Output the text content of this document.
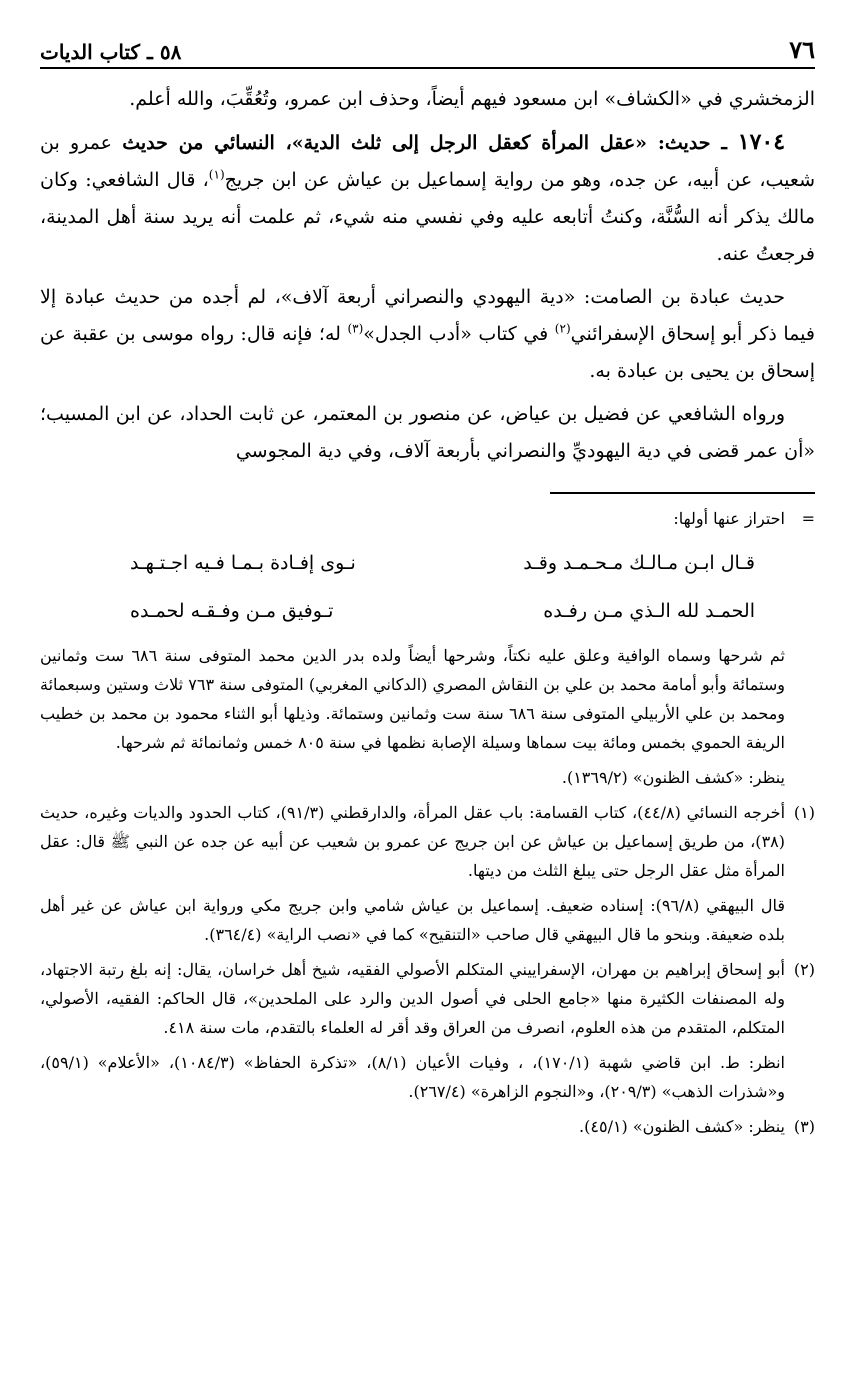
٧٦
٥٨ ـ كتاب الديات

الزمخشري في «الكشاف» ابن مسعود فيهم أيضاً، وحذف ابن عمرو، وتُعُقِّبَ، والله أعلم.

١٧٠٤ ـ حديث: «عقل المرأة كعقل الرجل إلى ثلث الدية»، النسائي من حديث عمرو بن شعيب، عن أبيه، عن جده، وهو من رواية إسماعيل بن عياش عن ابن جريج$^{(١)}$، قال الشافعي: وكان مالك يذكر أنه السُّنَّة، وكنتُ أتابعه عليه وفي نفسي منه شيء، ثم علمت أنه يريد سنة أهل المدينة، فرجعتُ عنه.

حديث عبادة بن الصامت: «دية اليهودي والنصراني أربعة آلاف»، لم أجده من حديث عبادة إلا فيما ذكر أبو إسحاق الإسفرائني$^{(٢)}$ في كتاب «أدب الجدل»$^{(٣)}$ له؛ فإنه قال: رواه موسى بن عقبة عن إسحاق بن يحيى بن عبادة به.

ورواه الشافعي عن فضيل بن عياض، عن منصور بن المعتمر، عن ثابت الحداد، عن ابن المسيب؛ «أن عمر قضى في دية اليهوديِّ والنصراني بأربعة آلاف، وفي دية المجوسي

=
احتراز عنها أولها:
قـال ابـن مـالـك مـحـمـد وقـد
نـوى إفـادة بـمـا فـيه اجـتـهـد
الحمـد لله الـذي مـن رفـده
تـوفيق مـن وفـقـه لحمـده

ثم شرحها وسماه الوافية وعلق عليه نكتاً، وشرحها أيضاً ولده بدر الدين محمد المتوفى سنة ٦٨٦ ست وثمانين وستمائة وأبو أمامة محمد بن علي بن النقاش المصري (الدكاني المغربي) المتوفى سنة ٧٦٣ ثلاث وستين وسبعمائة ومحمد بن علي الأربيلي المتوفى سنة ٦٨٦ سنة ست وثمانين وستمائة. وذيلها أبو الثناء محمود بن محمد بن خطيب الريفة الحموي بخمس ومائة بيت سماها وسيلة الإصابة نظمها في سنة ٨٠٥ خمس وثمانمائة ثم شرحها.

ينظر: «كشف الظنون» (١٣٦٩/٢).

(١)
أخرجه النسائي (٤٤/٨)، كتاب القسامة: باب عقل المرأة، والدارقطني (٩١/٣)، كتاب الحدود والديات وغيره، حديث (٣٨)، من طريق إسماعيل بن عياش عن ابن جريج عن عمرو بن شعيب عن أبيه عن جده عن النبي ﷺ قال: عقل المرأة مثل عقل الرجل حتى يبلغ الثلث من ديتها.

قال البيهقي (٩٦/٨): إسناده ضعيف. إسماعيل بن عياش شامي وابن جريج مكي ورواية ابن عياش عن غير أهل بلده ضعيفة. وبنحو ما قال البيهقي قال صاحب «التنقيح» كما في «نصب الراية» (٣٦٤/٤).

(٢)
أبو إسحاق إبراهيم بن مهران، الإسفراييني المتكلم الأصولي الفقيه، شيخ أهل خراسان، يقال: إنه بلغ رتبة الاجتهاد، وله المصنفات الكثيرة منها «جامع الحلى في أصول الدين والرد على الملحدين»، قال الحاكم: الفقيه، الأصولي، المتكلم، المتقدم من هذه العلوم، انصرف من العراق وقد أقر له العلماء بالتقدم، مات سنة ٤١٨.

انظر: ط. ابن قاضي شهبة (١٧٠/١)، ، وفيات الأعيان (٨/١)، «تذكرة الحفاظ» (١٠٨٤/٣)، «الأعلام» (٥٩/١)، و«شذرات الذهب» (٢٠٩/٣)، و«النجوم الزاهرة» (٢٦٧/٤).

(٣)
ينظر: «كشف الظنون» (٤٥/١).
